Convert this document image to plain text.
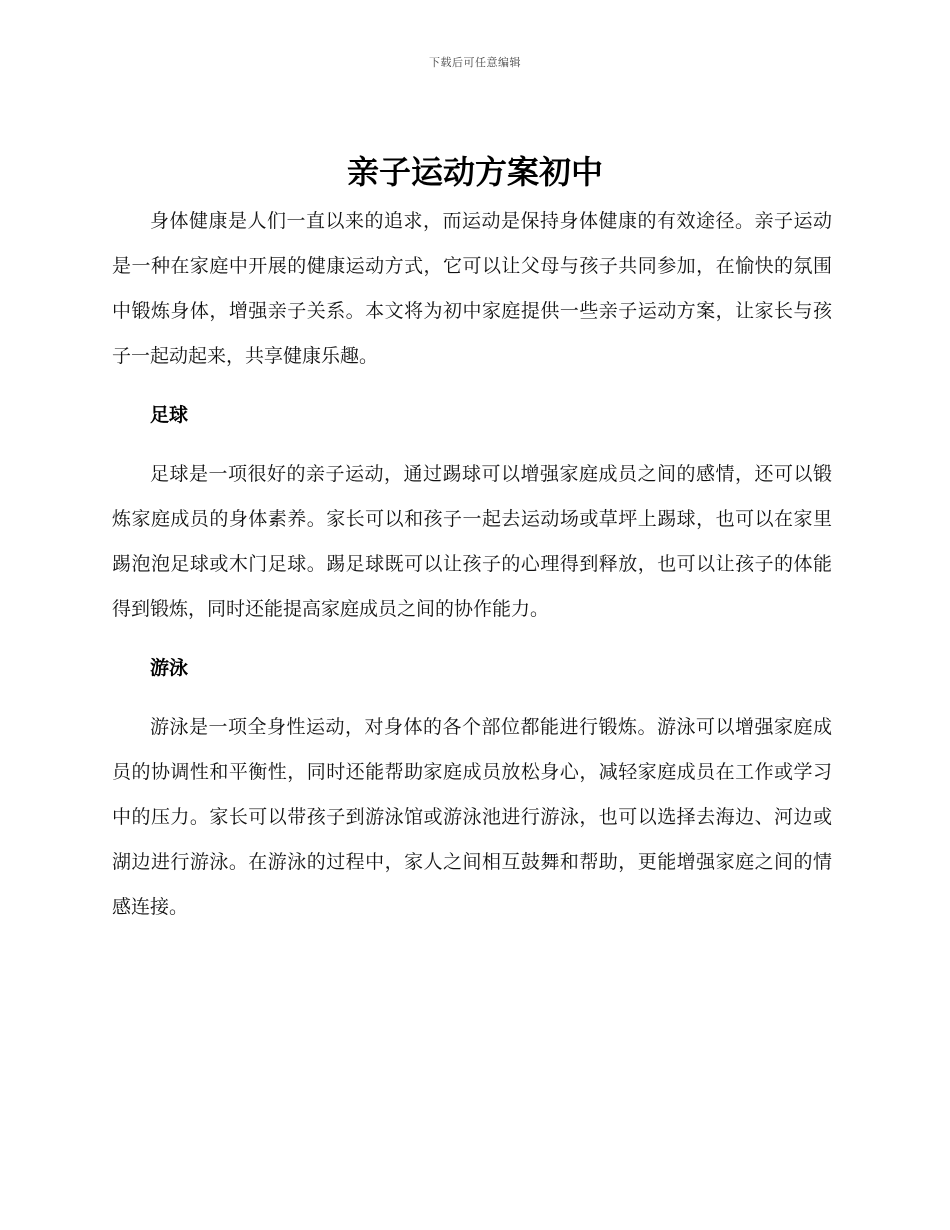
下载后可任意编辑
亲子运动方案初中

身体健康是人们一直以来的追求，而运动是保持身体健康的有效途径。亲子运动是一种在家庭中开展的健康运动方式，它可以让父母与孩子共同参加，在愉快的氛围中锻炼身体，增强亲子关系。本文将为初中家庭提供一些亲子运动方案，让家长与孩子一起动起来，共享健康乐趣。

足球

足球是一项很好的亲子运动，通过踢球可以增强家庭成员之间的感情，还可以锻炼家庭成员的身体素养。家长可以和孩子一起去运动场或草坪上踢球，也可以在家里踢泡泡足球或木门足球。踢足球既可以让孩子的心理得到释放，也可以让孩子的体能得到锻炼，同时还能提高家庭成员之间的协作能力。

游泳

游泳是一项全身性运动，对身体的各个部位都能进行锻炼。游泳可以增强家庭成员的协调性和平衡性，同时还能帮助家庭成员放松身心，减轻家庭成员在工作或学习中的压力。家长可以带孩子到游泳馆或游泳池进行游泳，也可以选择去海边、河边或湖边进行游泳。在游泳的过程中，家人之间相互鼓舞和帮助，更能增强家庭之间的情感连接。
